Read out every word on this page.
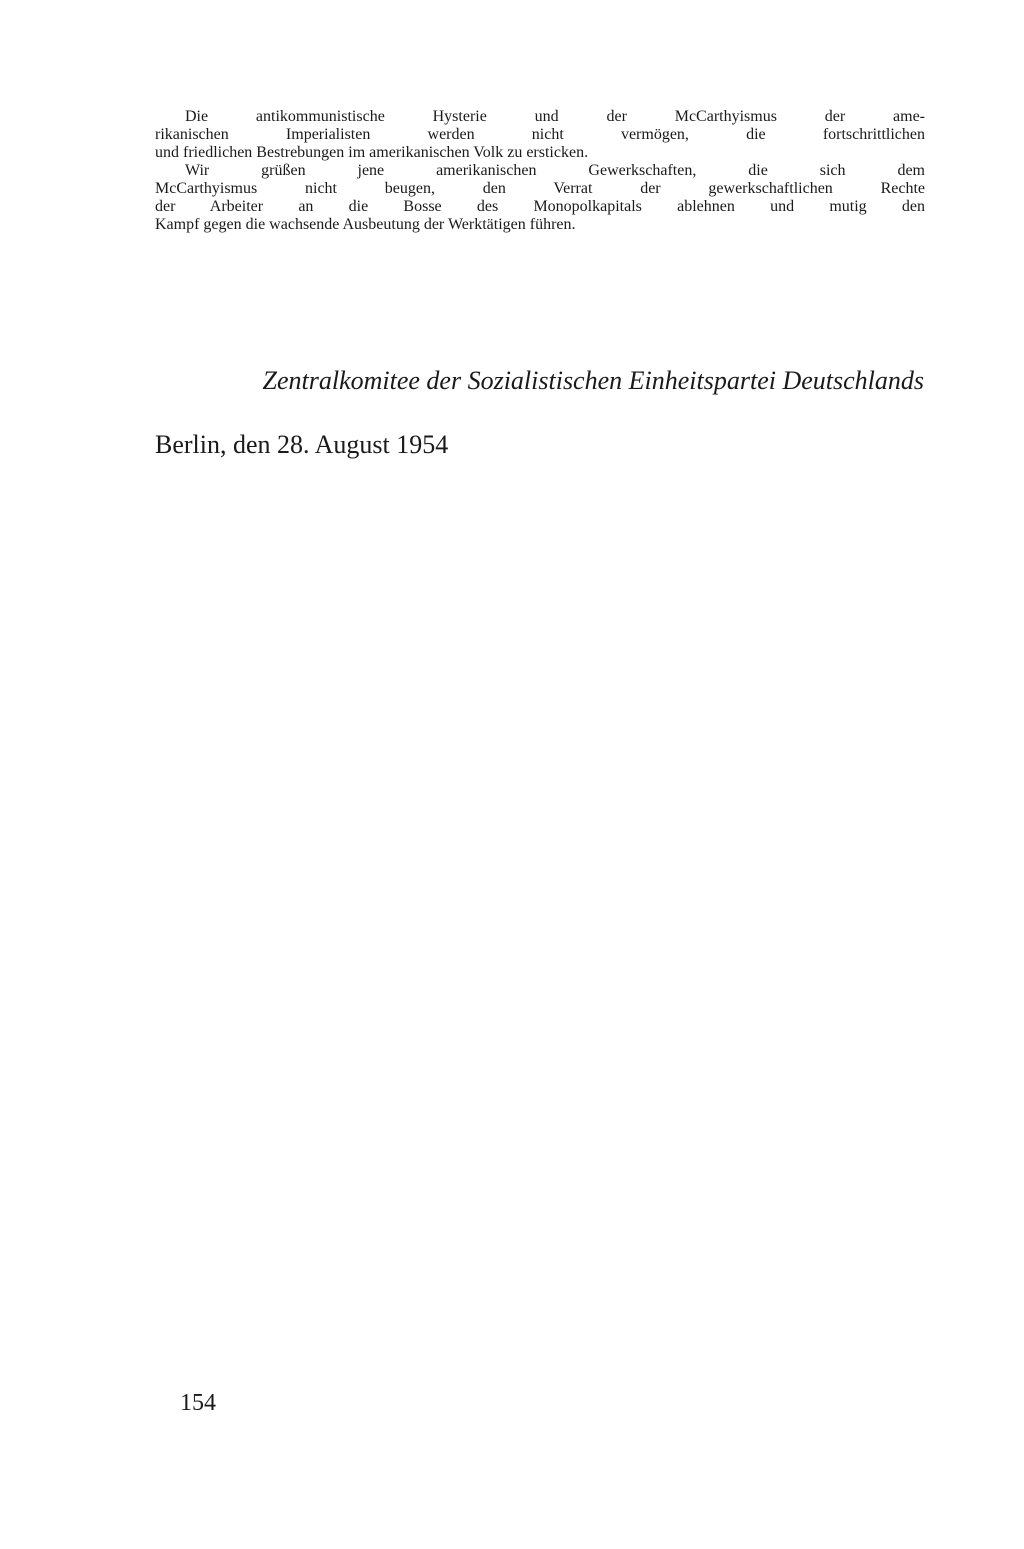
Die antikommunistische Hysterie und der McCarthyismus der ame-
rikanischen Imperialisten werden nicht vermögen, die fortschrittlichen
und friedlichen Bestrebungen im amerikanischen Volk zu ersticken.
Wir grüßen jene amerikanischen Gewerkschaften, die sich dem
McCarthyismus nicht beugen, den Verrat der gewerkschaftlichen Rechte
der Arbeiter an die Bosse des Monopolkapitals ablehnen und mutig den
Kampf gegen die wachsende Ausbeutung der Werktätigen führen.
Zentralkomitee der Sozialistischen Einheitspartei Deutschlands
Berlin, den 28. August 1954
154
